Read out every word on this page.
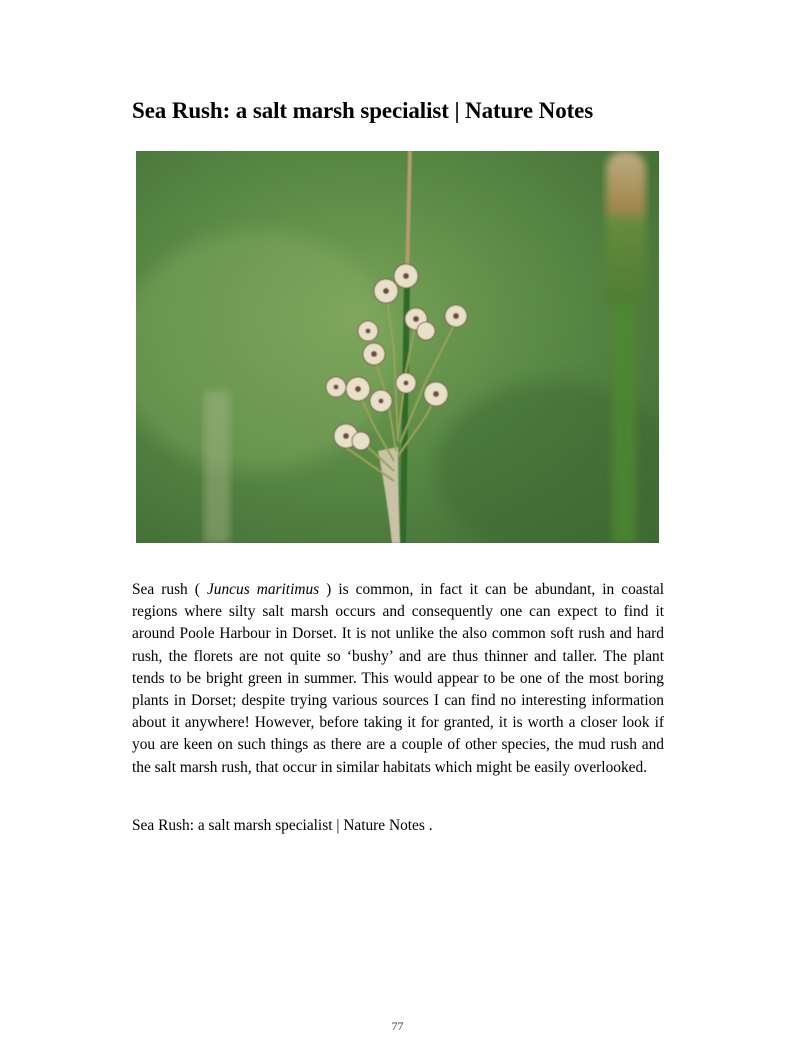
Sea Rush: a salt marsh specialist | Nature Notes

Sea rush ( Juncus maritimus ) is common, in fact it can be abundant, in coastal regions where silty salt marsh occurs and consequently one can expect to find it around Poole Harbour in Dorset. It is not unlike the also common soft rush and hard rush, the florets are not quite so ‘bushy’ and are thus thinner and taller. The plant tends to be bright green in summer. This would appear to be one of the most boring plants in Dorset; despite trying various sources I can find no interesting information about it anywhere! However, before taking it for granted, it is worth a closer look if you are keen on such things as there are a couple of other species, the mud rush and the salt marsh rush, that occur in similar habitats which might be easily overlooked.

Sea Rush: a salt marsh specialist | Nature Notes .

77
